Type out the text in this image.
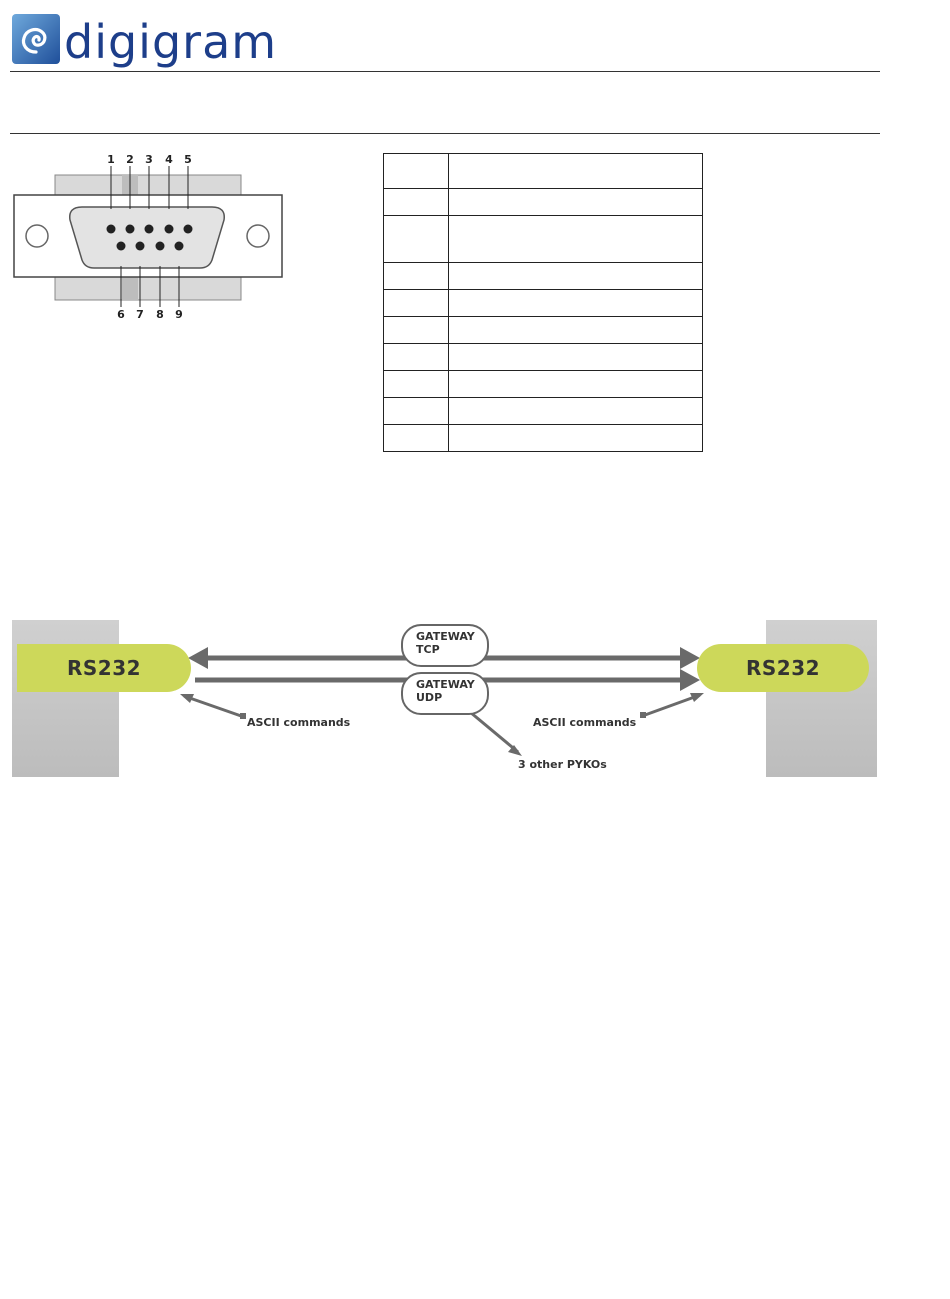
digigram
1 2 3 4 5
6 7 8 9

RS232	RS232
GATEWAY
TCP
GATEWAY
UDP
ASCII commands	ASCII commands
3 other PYKOs
